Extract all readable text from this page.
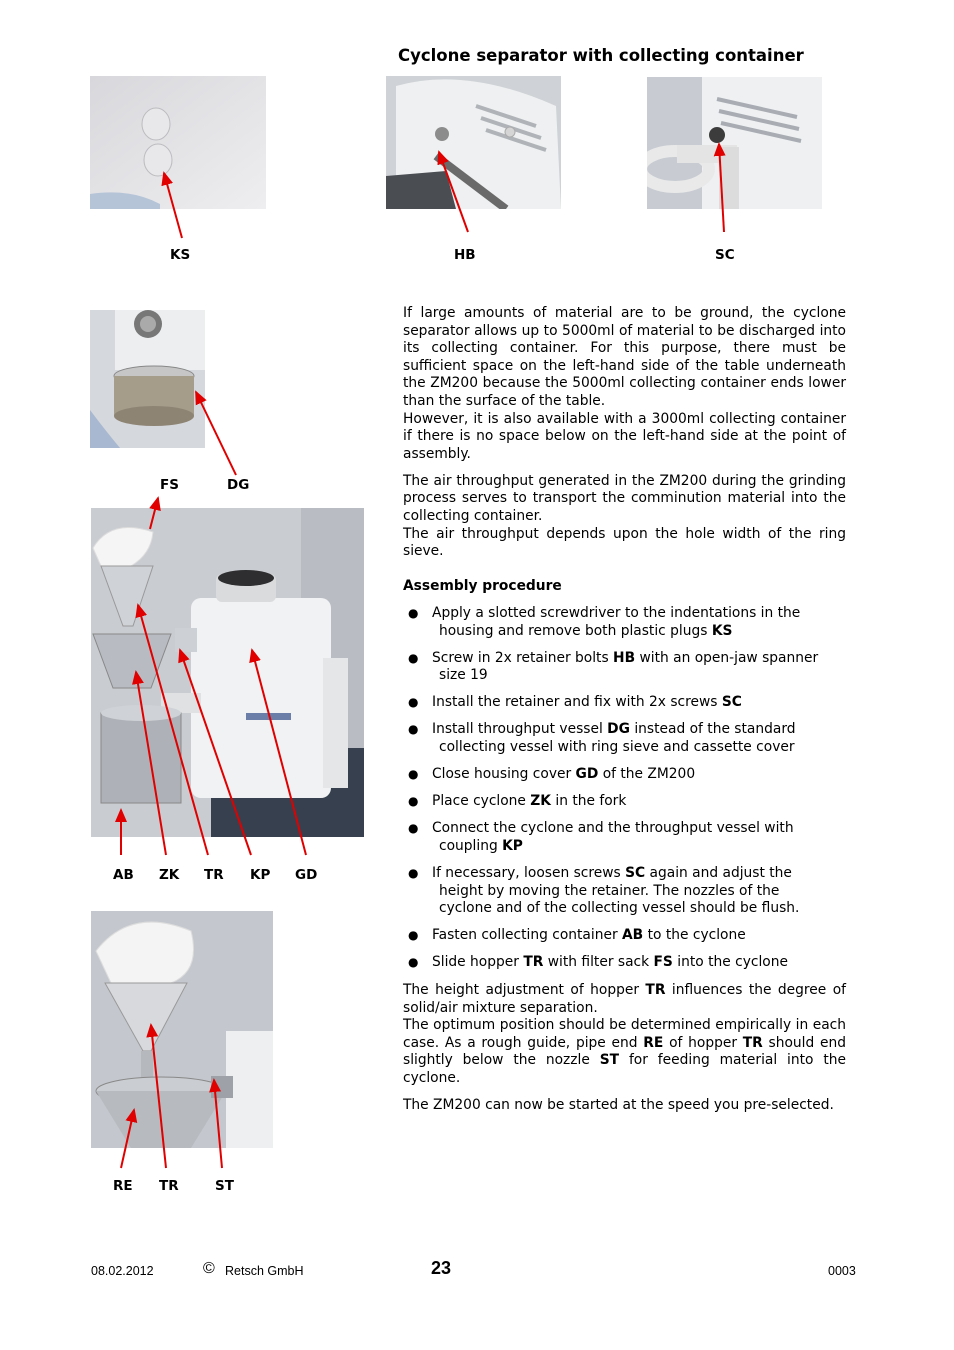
Cyclone separator with collecting container
KS	HB	SC
FS	DG
AB ZK TR KP GD
RE TR	ST

If large amounts of material are to be ground, the cyclone separator allows up to 5000ml of material to be discharged into its collecting container. For this purpose, there must be sufficient space on the left-hand side of the table underneath the ZM200 because the 5000ml collecting container ends lower than the surface of the table.

However, it is also available with a 3000ml collecting container if there is no space below on the left-hand side at the point of assembly.

The air throughput generated in the ZM200 during the grinding process serves to transport the comminution material into the collecting container.

The air throughput depends upon the hole width of the ring sieve.

Assembly procedure
● Apply a slotted screwdriver to the indentations in the
housing and remove both plastic plugs KS
● Screw in 2x retainer bolts HB with an open-jaw spanner
size 19
● Install the retainer and fix with 2x screws SC
● Install throughput vessel DG instead of the standard
collecting vessel with ring sieve and cassette cover
● Close housing cover GD of the ZM200
● Place cyclone ZK in the fork
● Connect the cyclone and the throughput vessel with
coupling KP
● If necessary, loosen screws SC again and adjust the
height by moving the retainer. The nozzles of the
cyclone and of the collecting vessel should be flush.
● Fasten collecting container AB to the cyclone
● Slide hopper TR with filter sack FS into the cyclone

The height adjustment of hopper TR influences the degree of solid/air mixture separation.

The optimum position should be determined empirically in each case. As a rough guide, pipe end RE of hopper TR should end slightly below the nozzle ST for feeding material into the cyclone.

The ZM200 can now be started at the speed you pre-selected.

08.02.2012	© Retsch GmbH	23	0003
